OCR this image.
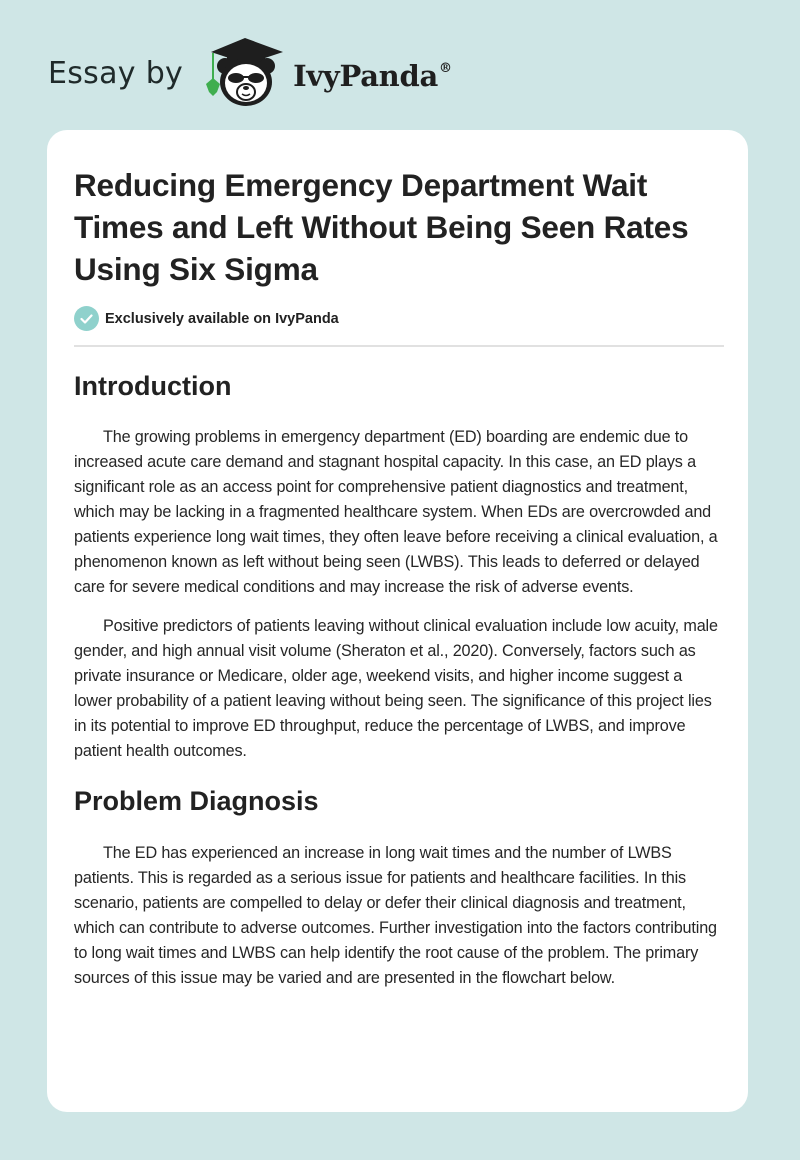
Essay by	IvyPanda®
Reducing Emergency Department Wait Times and Left Without Being Seen Rates Using Six Sigma
Exclusively available on IvyPanda
Introduction

The growing problems in emergency department (ED) boarding are endemic due to increased acute care demand and stagnant hospital capacity. In this case, an ED plays a significant role as an access point for comprehensive patient diagnostics and treatment, which may be lacking in a fragmented healthcare system. When EDs are overcrowded and patients experience long wait times, they often leave before receiving a clinical evaluation, a phenomenon known as left without being seen (LWBS). This leads to deferred or delayed care for severe medical conditions and may increase the risk of adverse events.

Positive predictors of patients leaving without clinical evaluation include low acuity, male gender, and high annual visit volume (Sheraton et al., 2020). Conversely, factors such as private insurance or Medicare, older age, weekend visits, and higher income suggest a lower probability of a patient leaving without being seen. The significance of this project lies in its potential to improve ED throughput, reduce the percentage of LWBS, and improve patient health outcomes.

Problem Diagnosis

The ED has experienced an increase in long wait times and the number of LWBS patients. This is regarded as a serious issue for patients and healthcare facilities. In this scenario, patients are compelled to delay or defer their clinical diagnosis and treatment, which can contribute to adverse outcomes. Further investigation into the factors contributing to long wait times and LWBS can help identify the root cause of the problem. The primary sources of this issue may be varied and are presented in the flowchart below.
